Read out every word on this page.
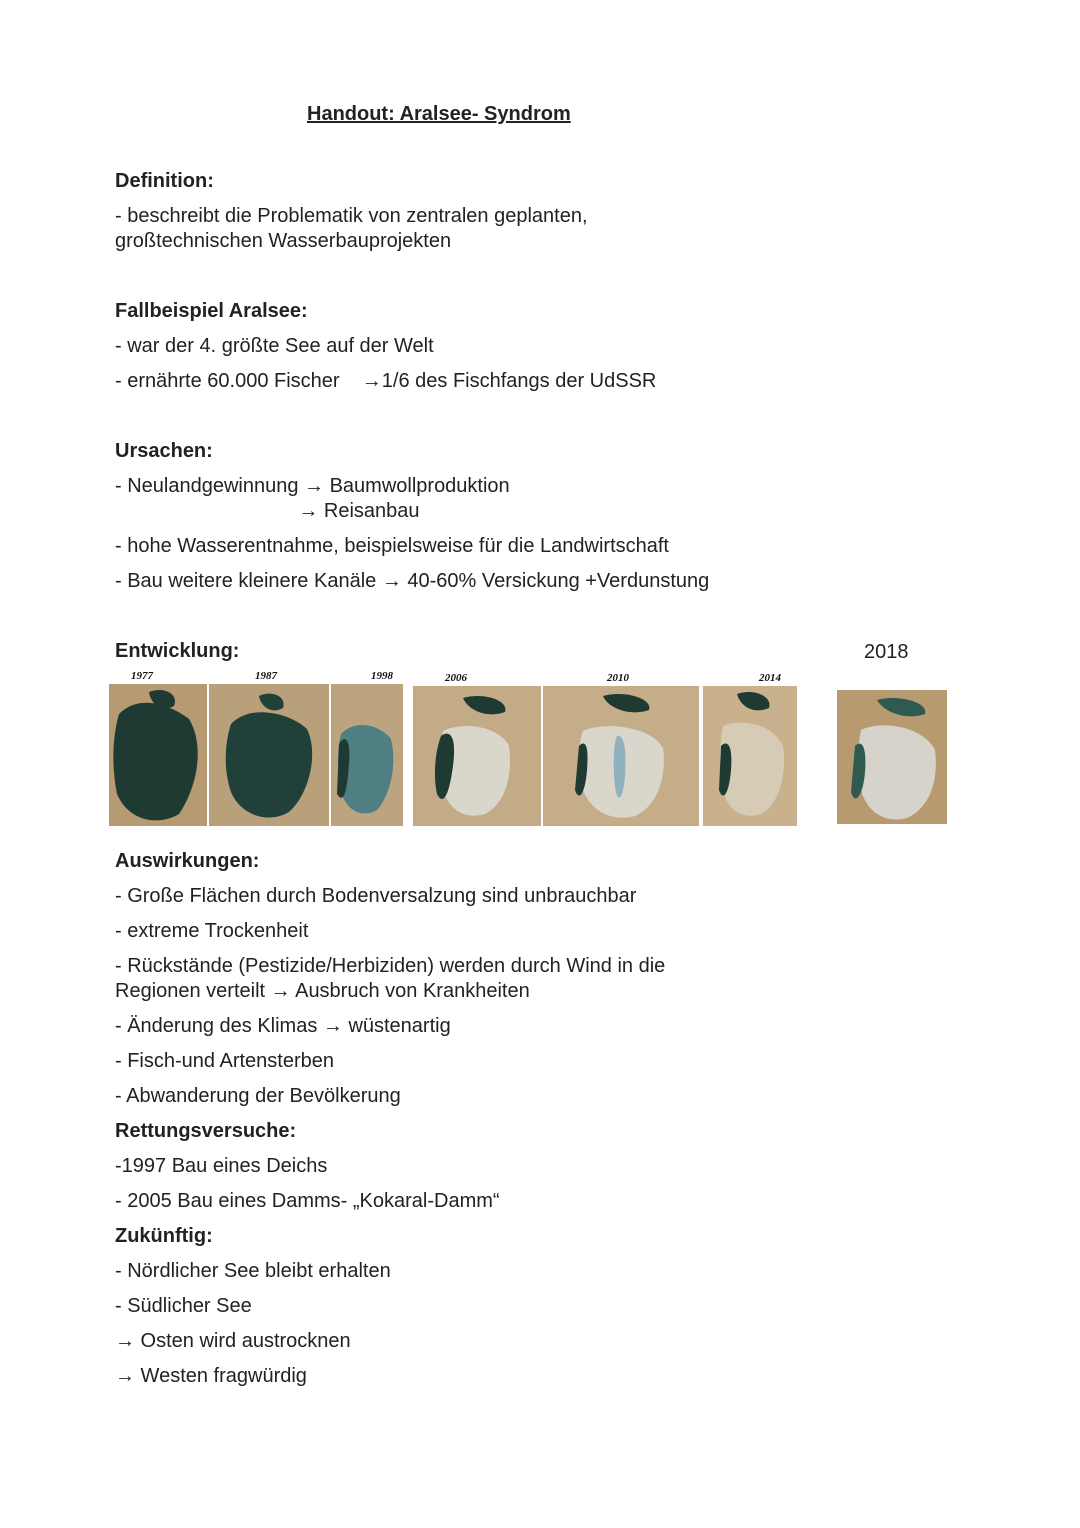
Handout: Aralsee- Syndrom
Definition:
- beschreibt die Problematik von zentralen geplanten,
großtechnischen Wasserbauprojekten
Fallbeispiel Aralsee:
- war der 4. größte See auf der Welt
- ernährte 60.000 Fischer    →1/6 des Fischfangs der UdSSR
Ursachen:
- Neulandgewinnung → Baumwollproduktion
→ Reisanbau
- hohe Wasserentnahme, beispielsweise für die Landwirtschaft
- Bau weitere kleinere Kanäle → 40-60% Versickung +Verdunstung
Entwicklung:	2018
1977	1987	1998	2006	2010	2014
Auswirkungen:
- Große Flächen durch Bodenversalzung sind unbrauchbar
- extreme Trockenheit
- Rückstände (Pestizide/Herbiziden) werden durch Wind in die
Regionen verteilt → Ausbruch von Krankheiten
- Änderung des Klimas → wüstenartig
- Fisch-und Artensterben
- Abwanderung der Bevölkerung
Rettungsversuche:
-1997 Bau eines Deichs
- 2005 Bau eines Damms- „Kokaral-Damm“
Zukünftig:
- Nördlicher See bleibt erhalten
- Südlicher See
→ Osten wird austrocknen
→ Westen fragwürdig
